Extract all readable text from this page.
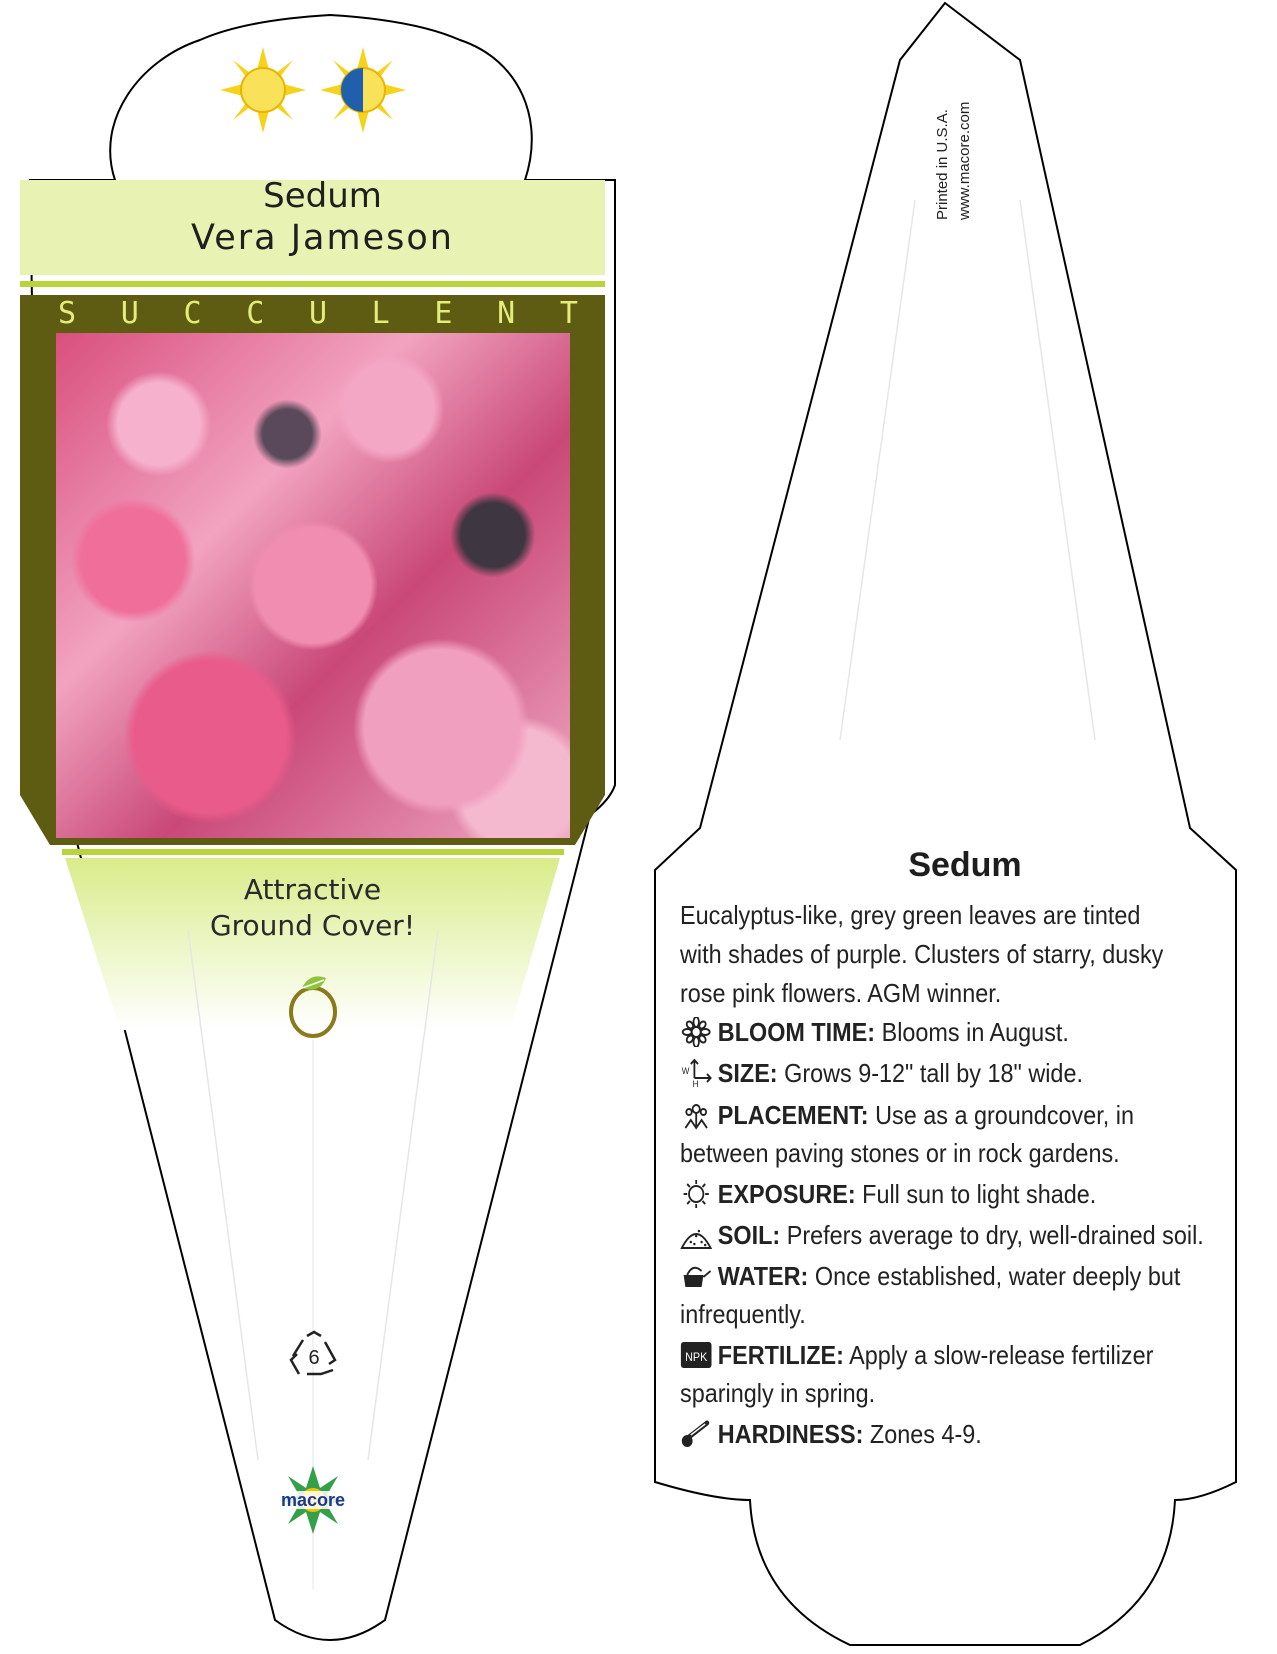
Sedum
Vera Jameson
S U C C U L E N T
Attractive
Ground Cover!
6
macore
Printed in U.S.A. www.macore.com
Sedum
Eucalyptus-like, grey green leaves are tinted with shades of purple. Clusters of starry, dusky rose pink flowers. AGM winner.
BLOOM TIME: Blooms in August.
W
H SIZE: Grows 9-12" tall by 18" wide.
PLACEMENT: Use as a groundcover, in between paving stones or in rock gardens.
EXPOSURE: Full sun to light shade.
SOIL: Prefers average to dry, well-drained soil.
WATER: Once established, water deeply but infrequently.
NPK FERTILIZE: Apply a slow-release fertilizer sparingly in spring.
HARDINESS: Zones 4-9.
